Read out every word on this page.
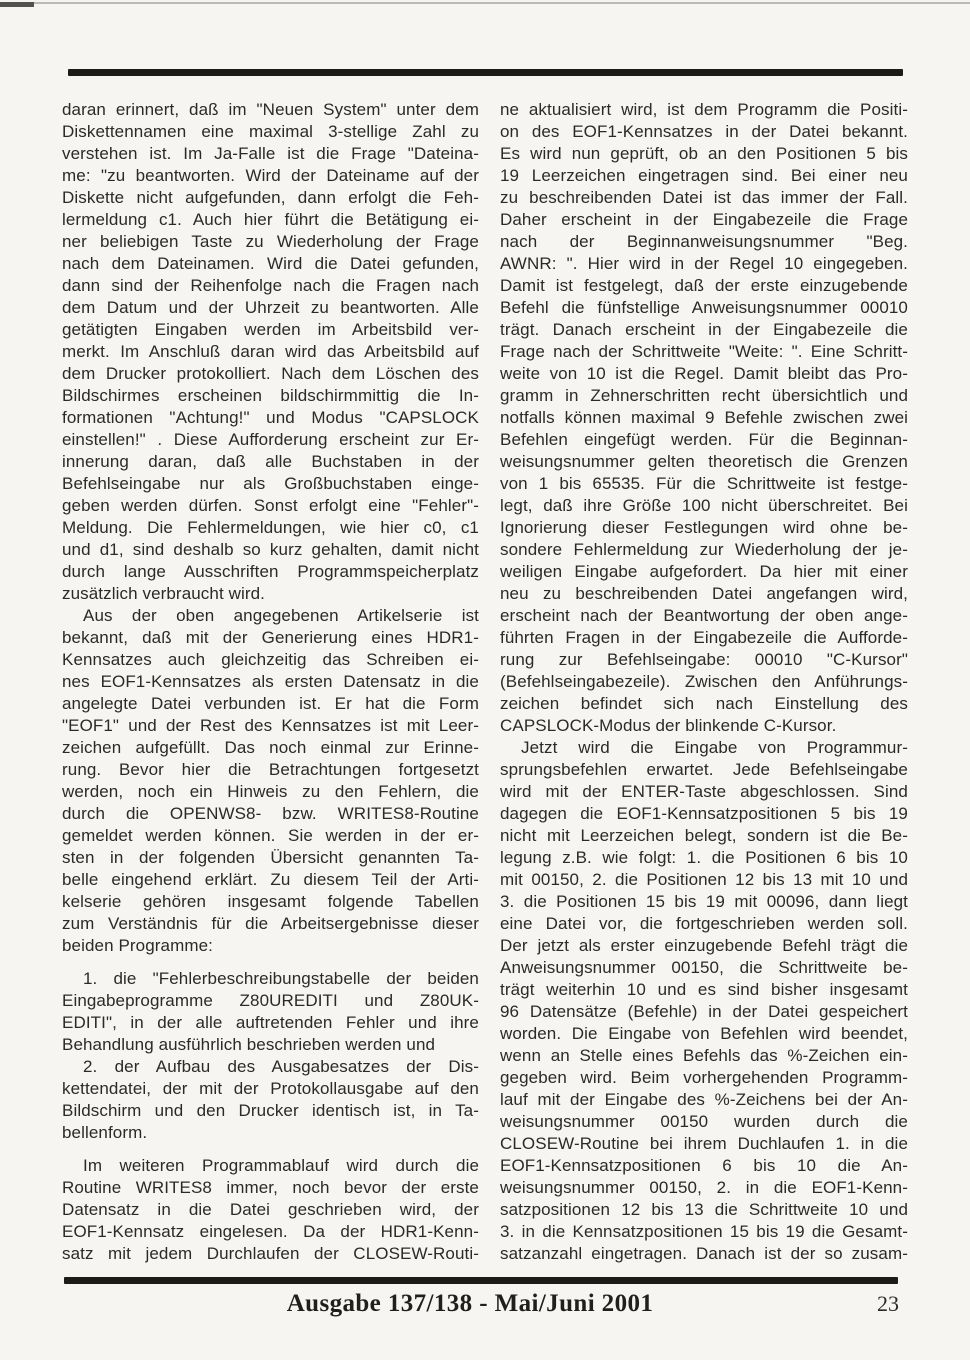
daran erinnert, daß im "Neuen System" unter dem
Diskettennamen eine maximal 3-stellige Zahl zu
verstehen ist. Im Ja-Falle ist die Frage "Dateina-
me: "zu beantworten. Wird der Dateiname auf der
Diskette nicht aufgefunden, dann erfolgt die Feh-
lermeldung c1. Auch hier führt die Betätigung ei-
ner beliebigen Taste zu Wiederholung der Frage
nach dem Dateinamen. Wird die Datei gefunden,
dann sind der Reihenfolge nach die Fragen nach
dem Datum und der Uhrzeit zu beantworten. Alle
getätigten Eingaben werden im Arbeitsbild ver-
merkt. Im Anschluß daran wird das Arbeitsbild auf
dem Drucker protokolliert. Nach dem Löschen des
Bildschirmes erscheinen bildschirmmittig die In-
formationen "Achtung!" und Modus "CAPSLOCK
einstellen!" . Diese Aufforderung erscheint zur Er-
innerung daran, daß alle Buchstaben in der
Befehlseingabe nur als Großbuchstaben einge-
geben werden dürfen. Sonst erfolgt eine "Fehler"-
Meldung. Die Fehlermeldungen, wie hier c0, c1
und d1, sind deshalb so kurz gehalten, damit nicht
durch lange Ausschriften Programmspeicherplatz
zusätzlich verbraucht wird.
Aus der oben angegebenen Artikelserie ist
bekannt, daß mit der Generierung eines HDR1-
Kennsatzes auch gleichzeitig das Schreiben ei-
nes EOF1-Kennsatzes als ersten Datensatz in die
angelegte Datei verbunden ist. Er hat die Form
"EOF1" und der Rest des Kennsatzes ist mit Leer-
zeichen aufgefüllt. Das noch einmal zur Erinne-
rung. Bevor hier die Betrachtungen fortgesetzt
werden, noch ein Hinweis zu den Fehlern, die
durch die OPENWS8- bzw. WRITES8-Routine
gemeldet werden können. Sie werden in der er-
sten in der folgenden Übersicht genannten Ta-
belle eingehend erklärt. Zu diesem Teil der Arti-
kelserie gehören insgesamt folgende Tabellen
zum Verständnis für die Arbeitsergebnisse dieser
beiden Programme:
1. die "Fehlerbeschreibungstabelle der beiden
Eingabeprogramme Z80UREDITI und Z80UK-
EDITI", in der alle auftretenden Fehler und ihre
Behandlung ausführlich beschrieben werden und
2. der Aufbau des Ausgabesatzes der Dis-
kettendatei, der mit der Protokollausgabe auf den
Bildschirm und den Drucker identisch ist, in Ta-
bellenform.
Im weiteren Programmablauf wird durch die
Routine WRITES8 immer, noch bevor der erste
Datensatz in die Datei geschrieben wird, der
EOF1-Kennsatz eingelesen. Da der HDR1-Kenn-
satz mit jedem Durchlaufen der CLOSEW-Routi-
ne aktualisiert wird, ist dem Programm die Positi-
on des EOF1-Kennsatzes in der Datei bekannt.
Es wird nun geprüft, ob an den Positionen 5 bis
19 Leerzeichen eingetragen sind. Bei einer neu
zu beschreibenden Datei ist das immer der Fall.
Daher erscheint in der Eingabezeile die Frage
nach der Beginnanweisungsnummer "Beg.
AWNR: ". Hier wird in der Regel 10 eingegeben.
Damit ist festgelegt, daß der erste einzugebende
Befehl die fünfstellige Anweisungsnummer 00010
trägt. Danach erscheint in der Eingabezeile die
Frage nach der Schrittweite "Weite: ". Eine Schritt-
weite von 10 ist die Regel. Damit bleibt das Pro-
gramm in Zehnerschritten recht übersichtlich und
notfalls können maximal 9 Befehle zwischen zwei
Befehlen eingefügt werden. Für die Beginnan-
weisungsnummer gelten theoretisch die Grenzen
von 1 bis 65535. Für die Schrittweite ist festge-
legt, daß ihre Größe 100 nicht überschreitet. Bei
Ignorierung dieser Festlegungen wird ohne be-
sondere Fehlermeldung zur Wiederholung der je-
weiligen Eingabe aufgefordert. Da hier mit einer
neu zu beschreibenden Datei angefangen wird,
erscheint nach der Beantwortung der oben ange-
führten Fragen in der Eingabezeile die Aufforde-
rung zur Befehlseingabe: 00010 "C-Kursor"
(Befehlseingabezeile). Zwischen den Anführungs-
zeichen befindet sich nach Einstellung des
CAPSLOCK-Modus der blinkende C-Kursor.
Jetzt wird die Eingabe von Programmur-
sprungsbefehlen erwartet. Jede Befehlseingabe
wird mit der ENTER-Taste abgeschlossen. Sind
dagegen die EOF1-Kennsatzpositionen 5 bis 19
nicht mit Leerzeichen belegt, sondern ist die Be-
legung z.B. wie folgt: 1. die Positionen 6 bis 10
mit 00150, 2. die Positionen 12 bis 13 mit 10 und
3. die Positionen 15 bis 19 mit 00096, dann liegt
eine Datei vor, die fortgeschrieben werden soll.
Der jetzt als erster einzugebende Befehl trägt die
Anweisungsnummer 00150, die Schrittweite be-
trägt weiterhin 10 und es sind bisher insgesamt
96 Datensätze (Befehle) in der Datei gespeichert
worden. Die Eingabe von Befehlen wird beendet,
wenn an Stelle eines Befehls das %-Zeichen ein-
gegeben wird. Beim vorhergehenden Programm-
lauf mit der Eingabe des %-Zeichens bei der An-
weisungsnummer 00150 wurden durch die
CLOSEW-Routine bei ihrem Duchlaufen 1. in die
EOF1-Kennsatzpositionen 6 bis 10 die An-
weisungsnummer 00150, 2. in die EOF1-Kenn-
satzpositionen 12 bis 13 die Schrittweite 10 und
3. in die Kennsatzpositionen 15 bis 19 die Gesamt-
satzanzahl eingetragen. Danach ist der so zusam-
Ausgabe 137/138 - Mai/Juni 2001	23
